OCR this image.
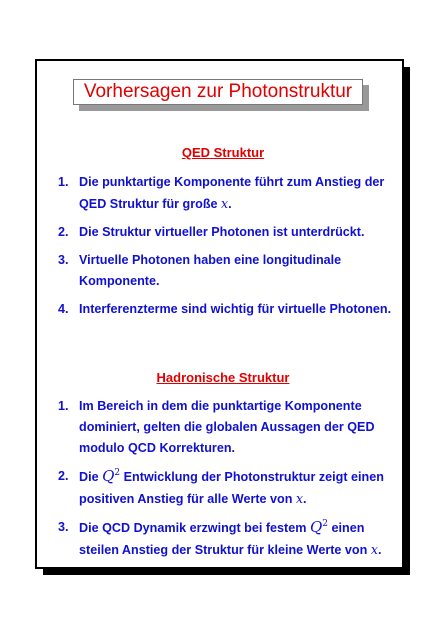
Vorhersagen zur Photonstruktur
QED Struktur
1. Die punktartige Komponente führt zum Anstieg der QED Struktur für große x.
2. Die Struktur virtueller Photonen ist unterdrückt.
3. Virtuelle Photonen haben eine longitudinale Komponente.
4. Interferenzterme sind wichtig für virtuelle Photonen.
Hadronische Struktur
1. Im Bereich in dem die punktartige Komponente dominiert, gelten die globalen Aussagen der QED modulo QCD Korrekturen.
2. Die $Q^2$ Entwicklung der Photonstruktur zeigt einen positiven Anstieg für alle Werte von x.
3. Die QCD Dynamik erzwingt bei festem $Q^2$ einen steilen Anstieg der Struktur für kleine Werte von x.
